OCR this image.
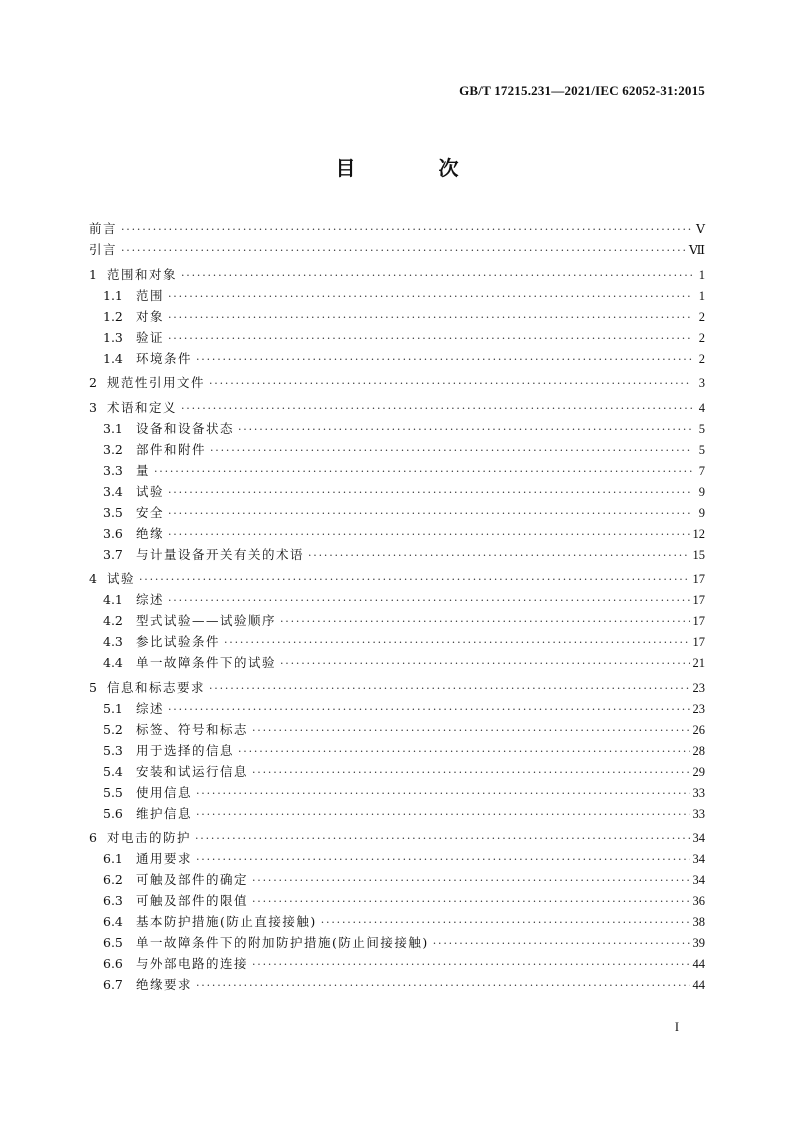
GB/T 17215.231—2021/IEC 62052-31:2015
目 次
前言 ·····	Ⅴ
引言 ·····	Ⅶ
1 范围和对象 ·····	1
1.1	范围 ·····	1
1.2	对象 ·····	2
1.3	验证 ·····	2
1.4	环境条件 ·····	2
2 规范性引用文件 ·····	3
3 术语和定义 ·····	4
3.1	设备和设备状态 ·····	5
3.2	部件和附件 ·····	5
3.3	量 ·····	7
3.4	试验 ·····	9
3.5	安全 ·····	9
3.6	绝缘 ·····	12
3.7	与计量设备开关有关的术语 ·····	15
4 试验 ·····	17
4.1	综述 ·····	17
4.2	型式试验——试验顺序 ·····	17
4.3	参比试验条件 ·····	17
4.4	单一故障条件下的试验 ·····	21
5 信息和标志要求 ·····	23
5.1	综述 ·····	23
5.2	标签、符号和标志 ·····	26
5.3	用于选择的信息 ·····	28
5.4	安装和试运行信息 ·····	29
5.5	使用信息 ·····	33
5.6	维护信息 ·····	33
6 对电击的防护 ·····	34
6.1	通用要求 ·····	34
6.2	可触及部件的确定 ·····	34
6.3	可触及部件的限值 ·····	36
6.4	基本防护措施(防止直接接触) ·····	38
6.5	单一故障条件下的附加防护措施(防止间接接触) ·····	39
6.6	与外部电路的连接 ·····	44
6.7	绝缘要求 ·····	44
I
